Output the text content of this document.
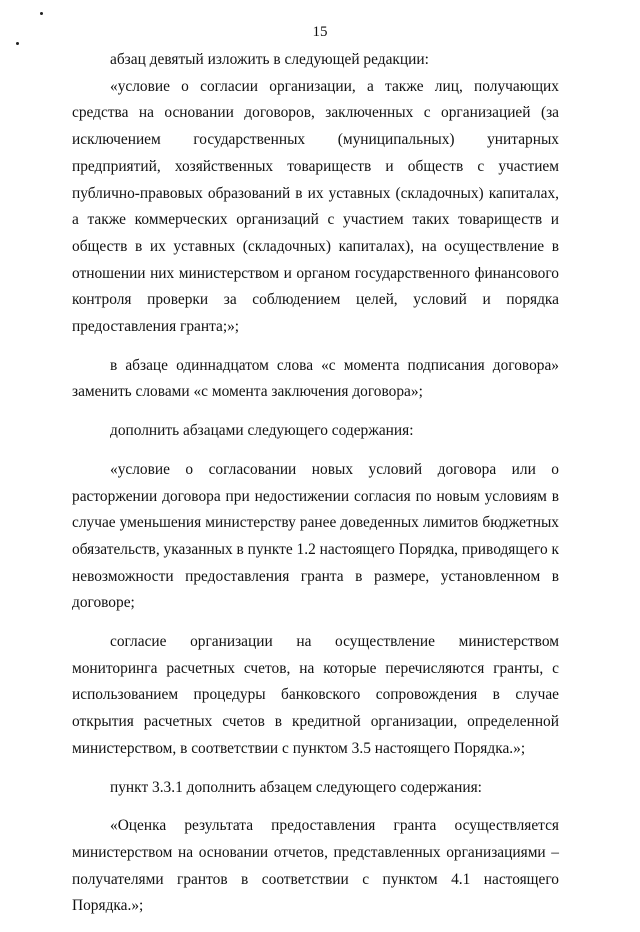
15

абзац девятый изложить в следующей редакции:

«условие о согласии организации, а также лиц, получающих средства на основании договоров, заключенных с организацией (за исключением государственных (муниципальных) унитарных предприятий, хозяйственных товариществ и обществ с участием публично-правовых образований в их уставных (складочных) капиталах, а также коммерческих организаций с участием таких товариществ и обществ в их уставных (складочных) капиталах), на осуществление в отношении них министерством и органом государственного финансового контроля проверки за соблюдением целей, условий и порядка предоставления гранта;»;

в абзаце одиннадцатом слова «с момента подписания договора» заменить словами «с момента заключения договора»;

дополнить абзацами следующего содержания:

«условие о согласовании новых условий договора или о расторжении договора при недостижении согласия по новым условиям в случае уменьшения министерству ранее доведенных лимитов бюджетных обязательств, указанных в пункте 1.2 настоящего Порядка, приводящего к невозможности предоставления гранта в размере, установленном в договоре;

согласие организации на осуществление министерством мониторинга расчетных счетов, на которые перечисляются гранты, с использованием процедуры банковского сопровождения в случае открытия расчетных счетов в кредитной организации, определенной министерством, в соответствии с пунктом 3.5 настоящего Порядка.»;

пункт 3.3.1 дополнить абзацем следующего содержания:

«Оценка результата предоставления гранта осуществляется министерством на основании отчетов, представленных организациями – получателями грантов в соответствии с пунктом 4.1 настоящего Порядка.»;
